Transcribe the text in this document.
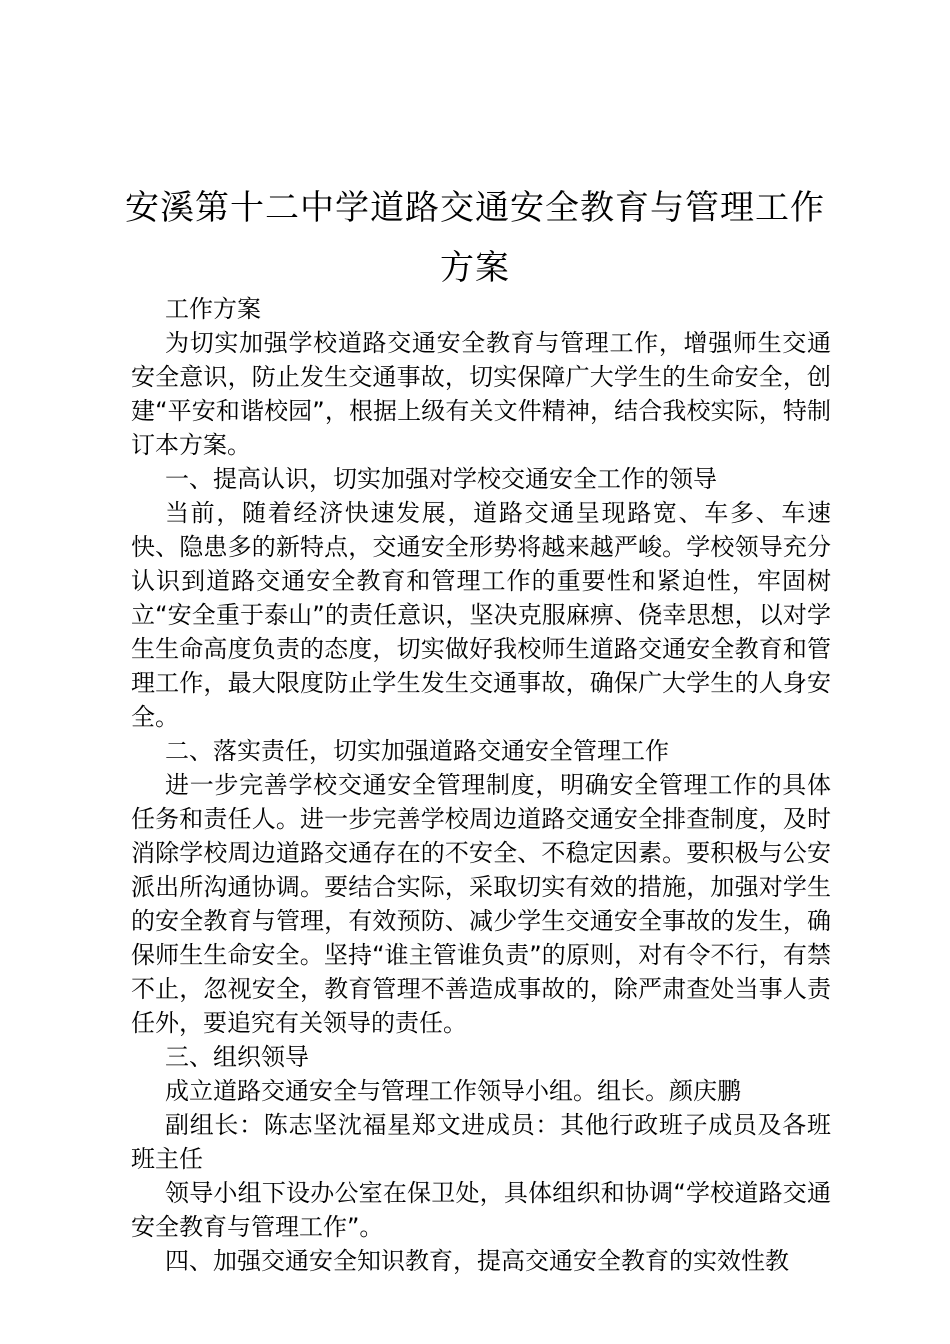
安溪第十二中学道路交通安全教育与管理工作方案

工作方案

为切实加强学校道路交通安全教育与管理工作，增强师生交通安全意识，防止发生交通事故，切实保障广大学生的生命安全，创建“平安和谐校园”，根据上级有关文件精神，结合我校实际，特制订本方案。

一、提高认识，切实加强对学校交通安全工作的领导

当前，随着经济快速发展，道路交通呈现路宽、车多、车速快、隐患多的新特点，交通安全形势将越来越严峻。学校领导充分认识到道路交通安全教育和管理工作的重要性和紧迫性，牢固树立“安全重于泰山”的责任意识，坚决克服麻痹、侥幸思想，以对学生生命高度负责的态度，切实做好我校师生道路交通安全教育和管理工作，最大限度防止学生发生交通事故，确保广大学生的人身安全。

二、落实责任，切实加强道路交通安全管理工作

进一步完善学校交通安全管理制度，明确安全管理工作的具体任务和责任人。进一步完善学校周边道路交通安全排查制度，及时消除学校周边道路交通存在的不安全、不稳定因素。要积极与公安派出所沟通协调。要结合实际，采取切实有效的措施，加强对学生的安全教育与管理，有效预防、减少学生交通安全事故的发生，确保师生生命安全。坚持“谁主管谁负责”的原则，对有令不行，有禁不止，忽视安全，教育管理不善造成事故的，除严肃查处当事人责任外，要追究有关领导的责任。

三、组织领导

成立道路交通安全与管理工作领导小组。组长。颜庆鹏

副组长：陈志坚沈福星郑文进成员：其他行政班子成员及各班班主任

领导小组下设办公室在保卫处，具体组织和协调“学校道路交通安全教育与管理工作”。

四、加强交通安全知识教育，提高交通安全教育的实效性教
